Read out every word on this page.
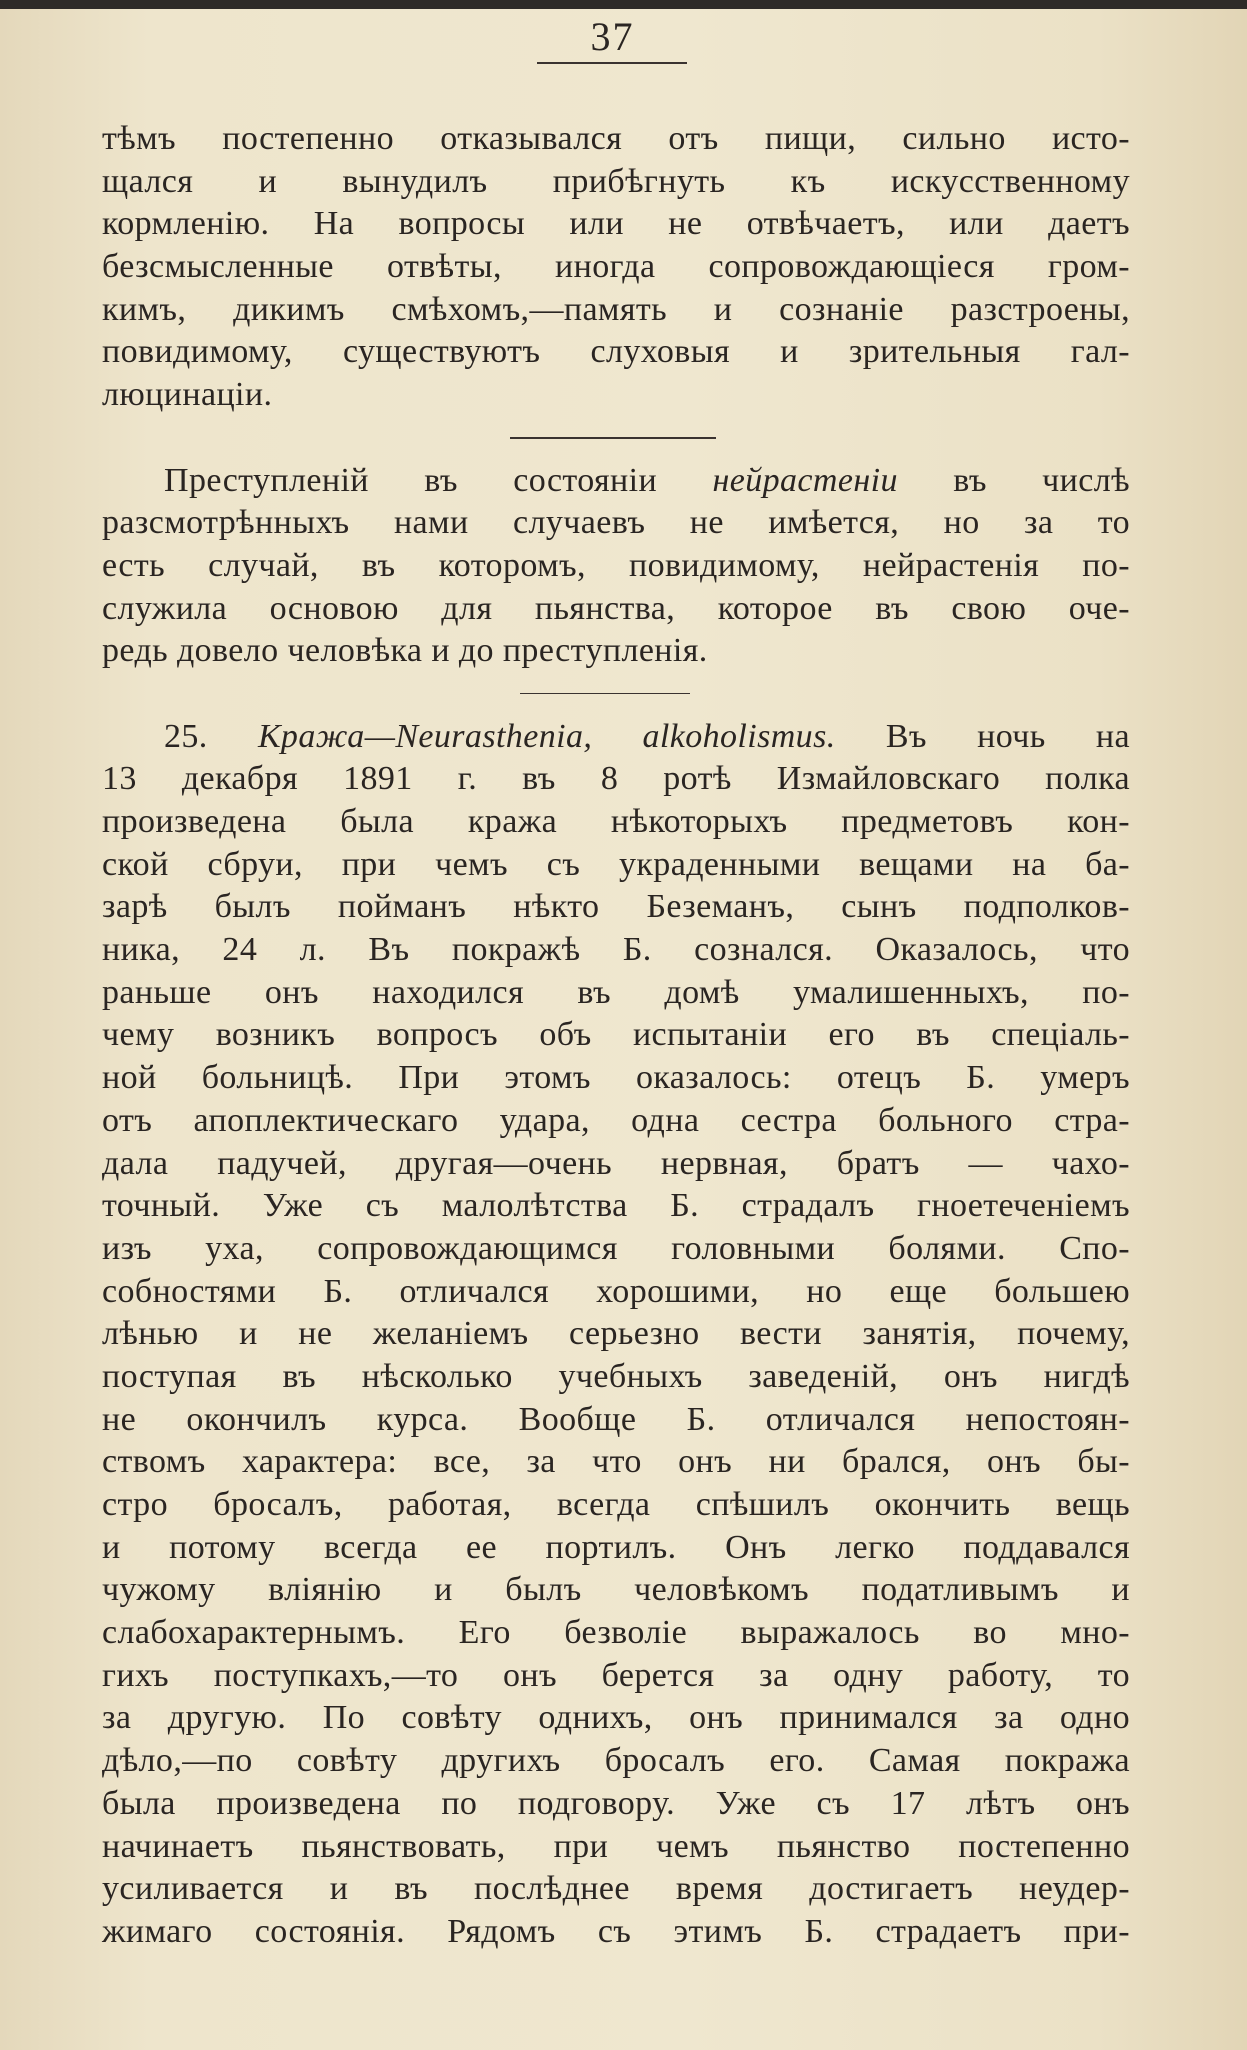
37
тѣмъ постепенно отказывался отъ пищи, сильно исто-
щался и вынудилъ прибѣгнуть къ искусственному
кормленію. На вопросы или не отвѣчаетъ, или даетъ
безсмысленные отвѣты, иногда сопровождающіеся гром-
кимъ, дикимъ смѣхомъ,—память и сознаніе разстроены,
повидимому, существуютъ слуховыя и зрительныя гал-
люцинаціи.
Преступленій въ состояніи нейрастеніи въ числѣ
разсмотрѣнныхъ нами случаевъ не имѣется, но за то
есть случай, въ которомъ, повидимому, нейрастенія по-
служила основою для пьянства, которое въ свою оче-
редь довело человѣка и до преступленія.
25. Кража—Neurasthenia, alkoholismus. Въ ночь на
13 декабря 1891 г. въ 8 ротѣ Измайловскаго полка
произведена была кража нѣкоторыхъ предметовъ кон-
ской сбруи, при чемъ съ украденными вещами на ба-
зарѣ былъ пойманъ нѣкто Беземанъ, сынъ подполков-
ника, 24 л. Въ покражѣ Б. сознался. Оказалось, что
раньше онъ находился въ домѣ умалишенныхъ, по-
чему возникъ вопросъ объ испытаніи его въ спеціаль-
ной больницѣ. При этомъ оказалось: отецъ Б. умеръ
отъ апоплектическаго удара, одна сестра больного стра-
дала падучей, другая—очень нервная, братъ — чахо-
точный. Уже съ малолѣтства Б. страдалъ гноетеченіемъ
изъ уха, сопровождающимся головными болями. Спо-
собностями Б. отличался хорошими, но еще большею
лѣнью и не желаніемъ серьезно вести занятія, почему,
поступая въ нѣсколько учебныхъ заведеній, онъ нигдѣ
не окончилъ курса. Вообще Б. отличался непостоян-
ствомъ характера: все, за что онъ ни брался, онъ бы-
стро бросалъ, работая, всегда спѣшилъ окончить вещь
и потому всегда ее портилъ. Онъ легко поддавался
чужому вліянію и былъ человѣкомъ податливымъ и
слабохарактернымъ. Его безволіе выражалось во мно-
гихъ поступкахъ,—то онъ берется за одну работу, то
за другую. По совѣту однихъ, онъ принимался за одно
дѣло,—по совѣту другихъ бросалъ его. Самая покража
была произведена по подговору. Уже съ 17 лѣтъ онъ
начинаетъ пьянствовать, при чемъ пьянство постепенно
усиливается и въ послѣднее время достигаетъ неудер-
жимаго состоянія. Рядомъ съ этимъ Б. страдаетъ при-
